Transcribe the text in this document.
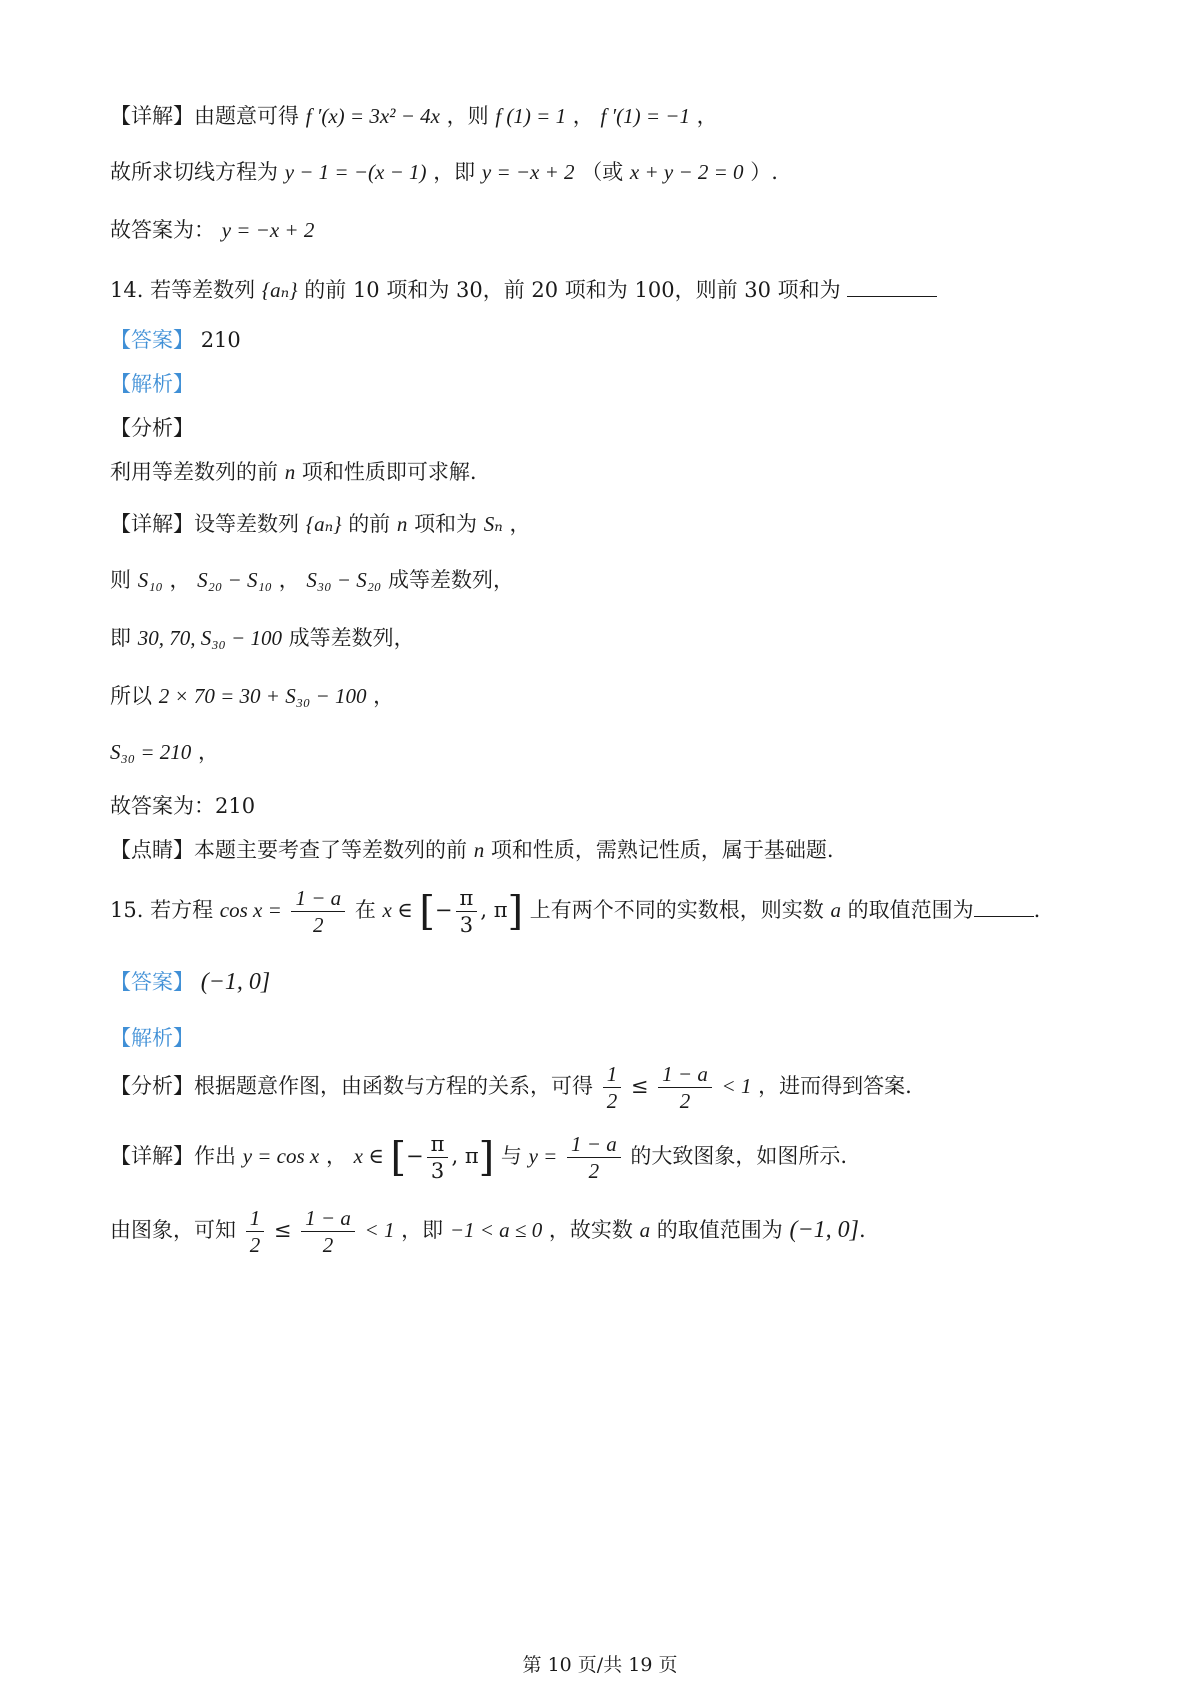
【详解】由题意可得 f ′(x) = 3x² − 4x ，则 f (1) = 1 ， f ′(1) = −1 ，
故所求切线方程为 y − 1 = −(x − 1) ，即 y = −x + 2 （或 x + y − 2 = 0 ）.
故答案为： y = −x + 2
14. 若等差数列 {aₙ} 的前 10 项和为 30，前 20 项和为 100，则前 30 项和为
【答案】 210
【解析】
【分析】
利用等差数列的前 n 项和性质即可求解.
【详解】设等差数列 {aₙ} 的前 n 项和为 Sₙ ，
则 S₁₀ ， S₂₀ − S₁₀ ， S₃₀ − S₂₀ 成等差数列，
即 30, 70, S₃₀ − 100 成等差数列，
所以 2 × 70 = 30 + S₃₀ − 100 ，
S₃₀ = 210 ，
故答案为：210
【点睛】本题主要考查了等差数列的前 n 项和性质，需熟记性质，属于基础题.
15. 若方程 $\cos x = \frac{1 - a}{2}$ 在 x ∈ [− $\frac{\pi}{3}$ , π] 上有两个不同的实数根，则实数 a 的取值范围为	.
【答案】 (−1, 0]
【解析】
【分析】根据题意作图，由函数与方程的关系，可得 $\frac{1}{2} \le \frac{1 - a}{2} < 1$ ，进而得到答案.
【详解】作出 y = cos x ， x ∈ [− $\frac{\pi}{3}$ , π] 与 $y = \frac{1 - a}{2}$ 的大致图象，如图所示.
由图象，可知 $\frac{1}{2} \le \frac{1 - a}{2} < 1$ ，即 −1 < a ≤ 0 ，故实数 a 的取值范围为 (−1, 0].
第 10 页/共 19 页
